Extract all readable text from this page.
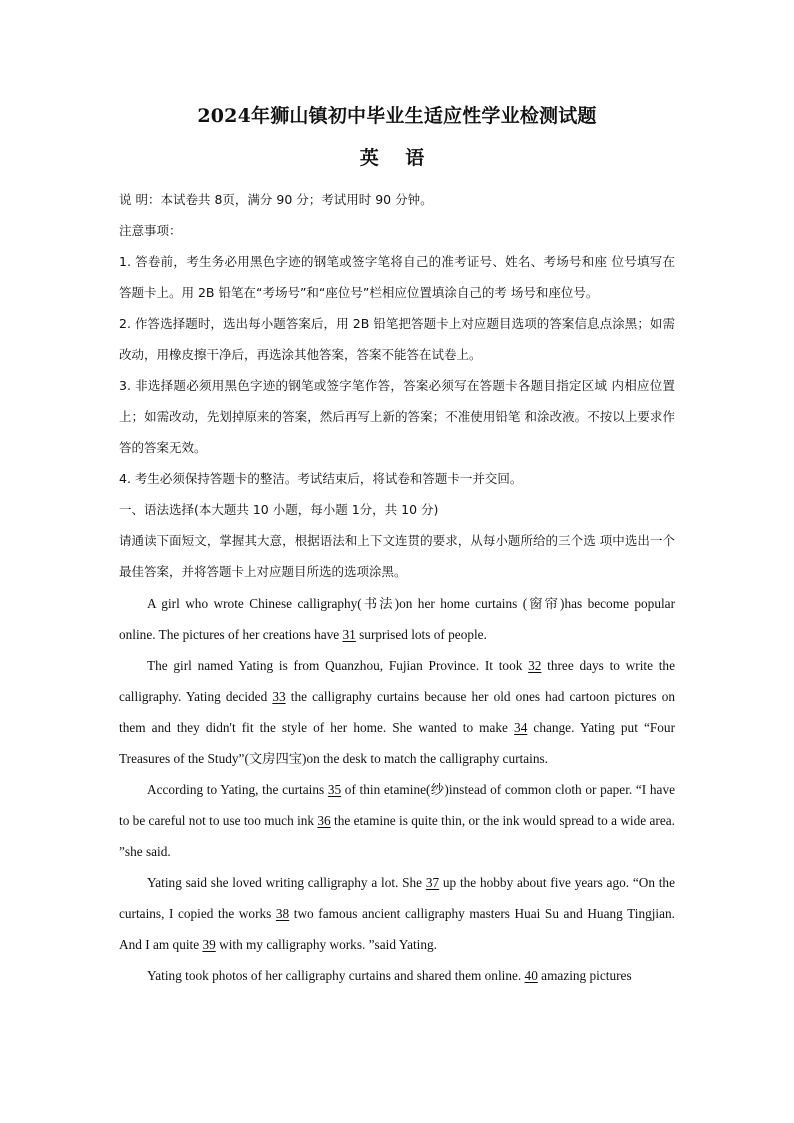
2024年狮山镇初中毕业生适应性学业检测试题
英 语

说 明：本试卷共 8页，满分 90 分；考试用时 90 分钟。

注意事项：

1. 答卷前，考生务必用黑色字迹的钢笔或签字笔将自己的准考证号、姓名、考场号和座 位号填写在答题卡上。用 2B 铅笔在“考场号”和“座位号”栏相应位置填涂自己的考 场号和座位号。

2. 作答选择题时，选出每小题答案后，用 2B 铅笔把答题卡上对应题目选项的答案信息点涂黑；如需改动，用橡皮擦干净后，再选涂其他答案，答案不能答在试卷上。

3. 非选择题必须用黑色字迹的钢笔或签字笔作答，答案必须写在答题卡各题目指定区域 内相应位置上；如需改动，先划掉原来的答案，然后再写上新的答案；不准使用铅笔 和涂改液。不按以上要求作答的答案无效。

4. 考生必须保持答题卡的整洁。考试结束后，将试卷和答题卡一并交回。

一、语法选择(本大题共 10 小题，每小题 1分，共 10 分)

请通读下面短文，掌握其大意，根据语法和上下文连贯的要求，从每小题所给的三个选 项中选出一个最佳答案，并将答题卡上对应题目所选的选项涂黑。

A girl who wrote Chinese calligraphy(书法)on her home curtains (窗帘)has become popular online. The pictures of her creations have 31 surprised lots of people.

The girl named Yating is from Quanzhou, Fujian Province. It took 32 three days to write the calligraphy. Yating decided 33 the calligraphy curtains because her old ones had cartoon pictures on them and they didn't fit the style of her home. She wanted to make 34 change. Yating put “Four Treasures of the Study”(文房四宝)on the desk to match the calligraphy curtains.

According to Yating, the curtains 35 of thin etamine(纱)instead of common cloth or paper. “I have to be careful not to use too much ink 36 the etamine is quite thin, or the ink would spread to a wide area. ”she said.

Yating said she loved writing calligraphy a lot. She 37 up the hobby about five years ago. “On the curtains, I copied the works 38 two famous ancient calligraphy masters Huai Su and Huang Tingjian. And I am quite 39 with my calligraphy works. ”said Yating.

Yating took photos of her calligraphy curtains and shared them online. 40 amazing pictures
